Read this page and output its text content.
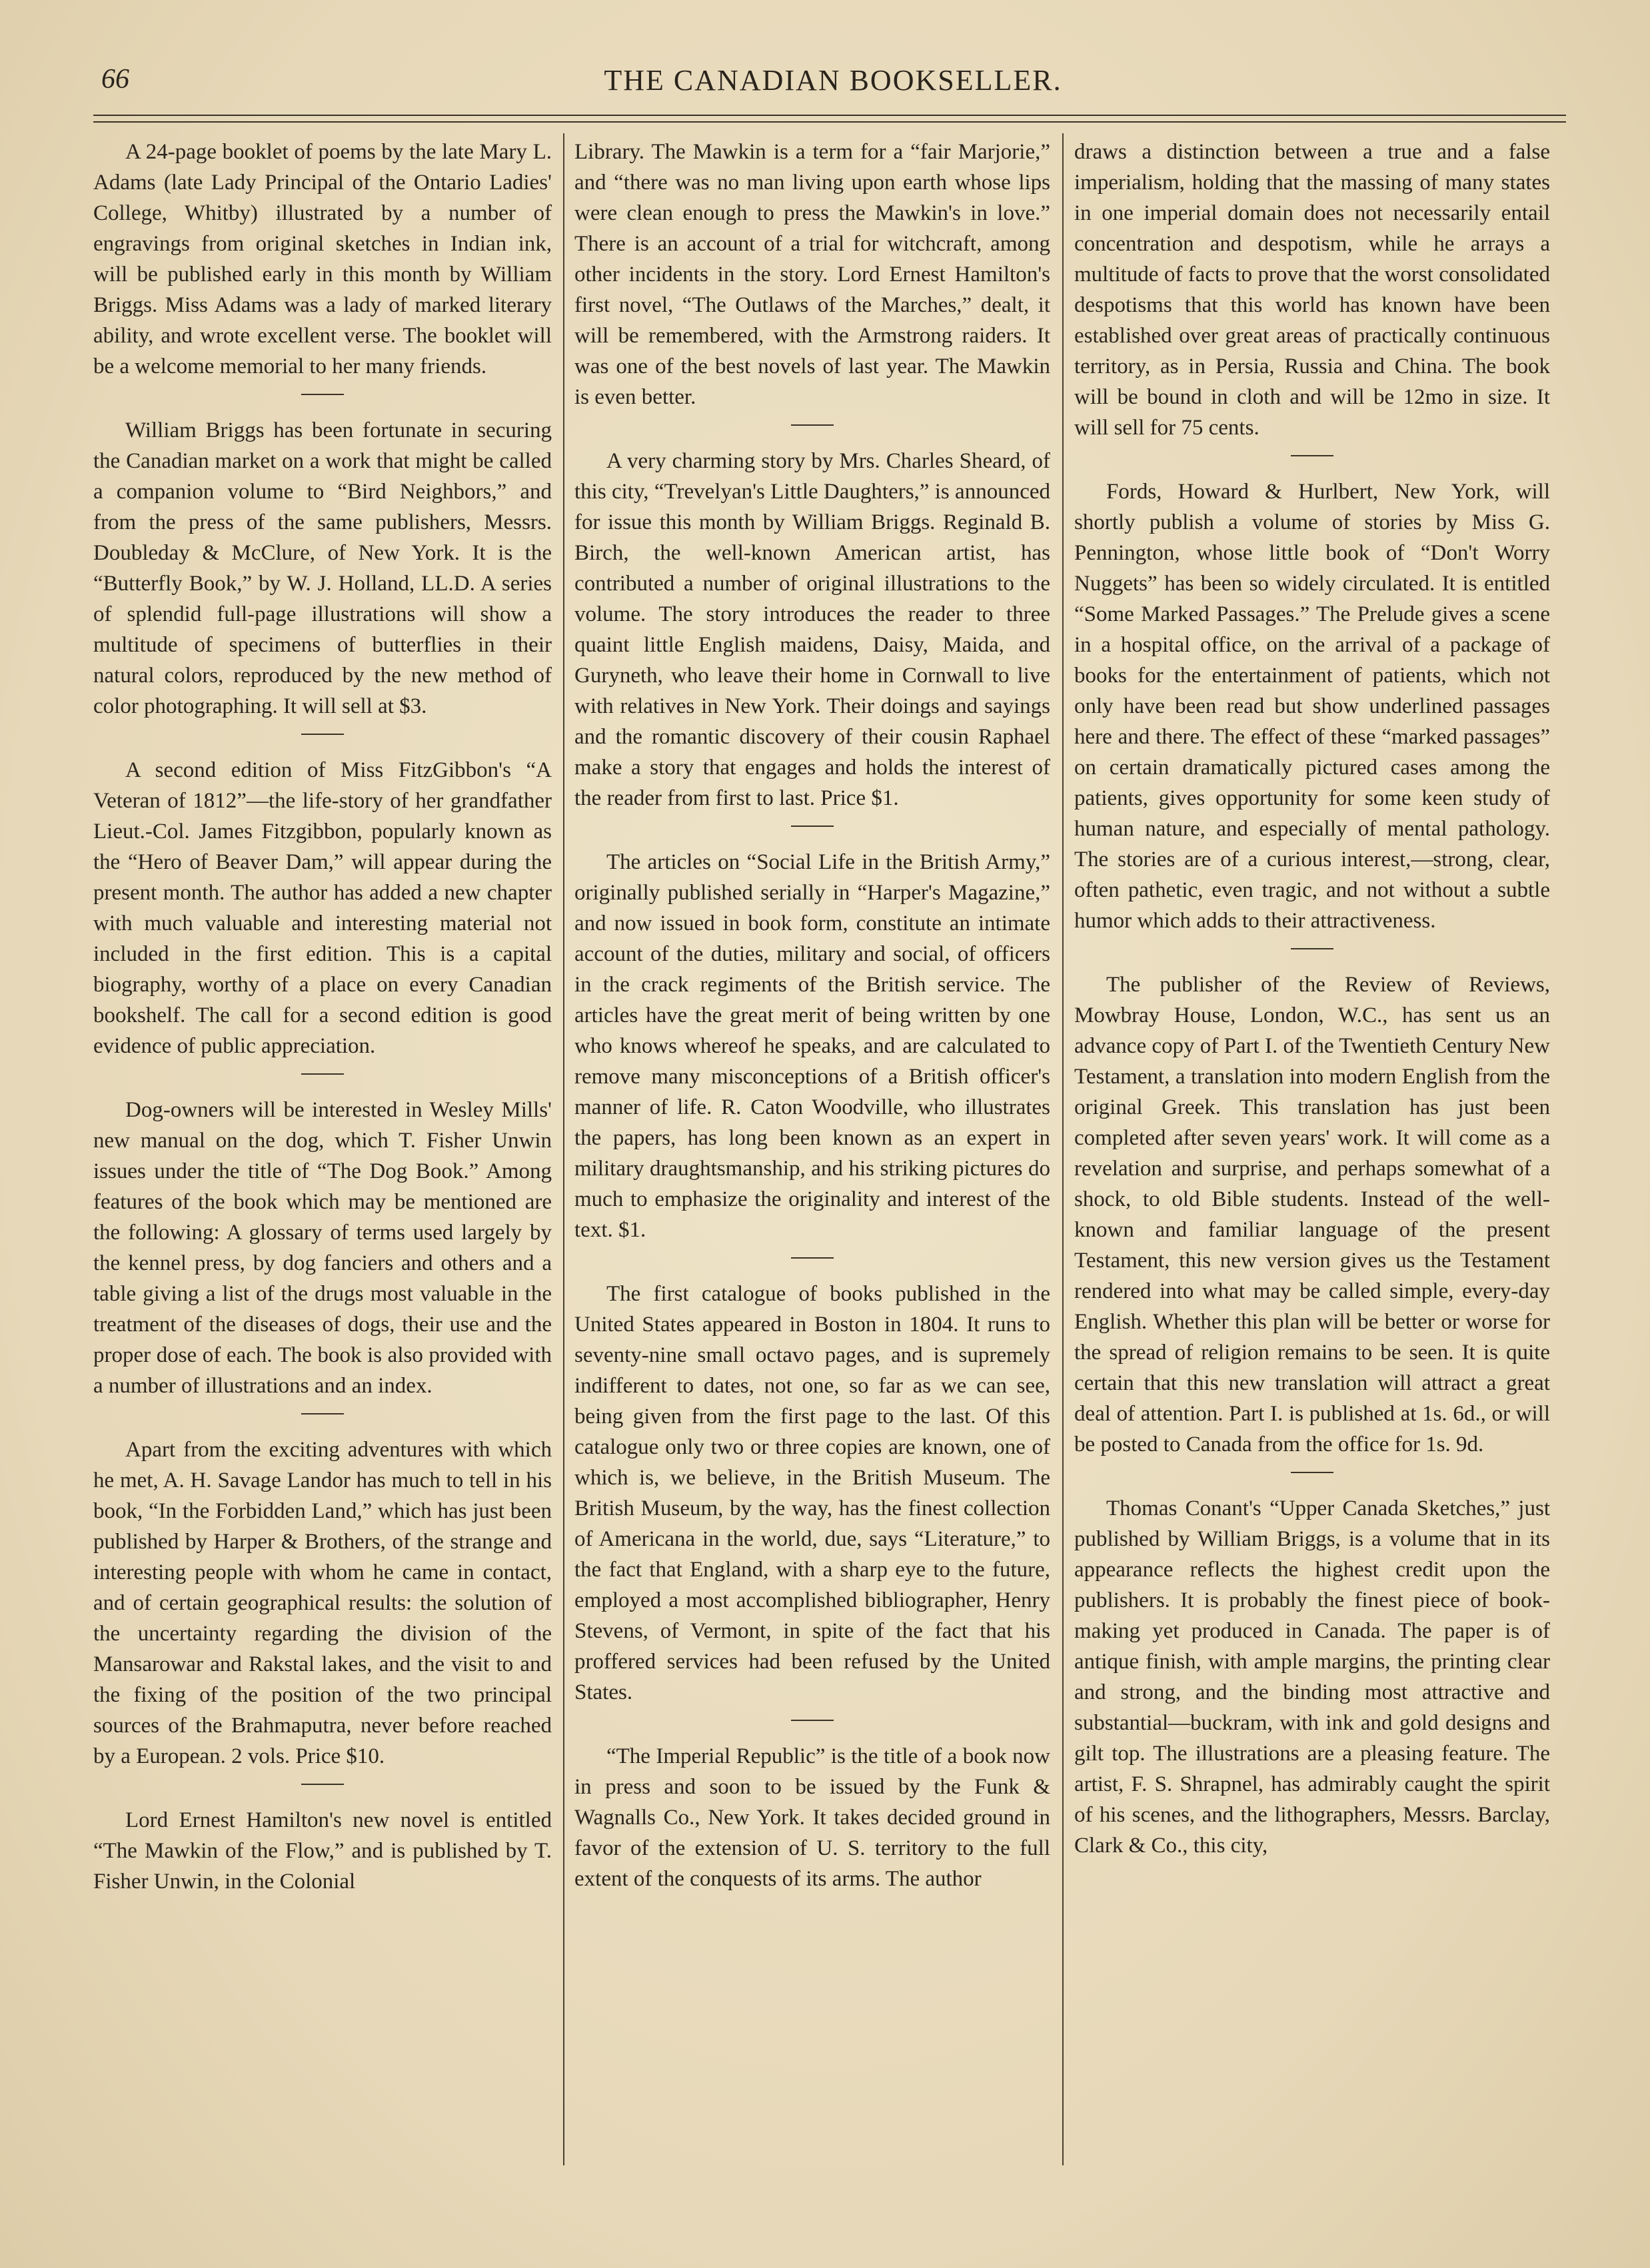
66	THE CANADIAN BOOKSELLER.

A 24-page booklet of poems by the late Mary L. Adams (late Lady Principal of the Ontario Ladies' College, Whitby) illustrated by a number of engravings from original sketches in Indian ink, will be published early in this month by William Briggs. Miss Adams was a lady of marked literary ability, and wrote excellent verse. The booklet will be a welcome memorial to her many friends.

William Briggs has been fortunate in securing the Canadian market on a work that might be called a companion volume to “Bird Neighbors,” and from the press of the same publishers, Messrs. Doubleday & McClure, of New York. It is the “Butterfly Book,” by W. J. Holland, LL.D. A series of splendid full-page illustrations will show a multitude of specimens of butterflies in their natural colors, reproduced by the new method of color photographing. It will sell at $3.

A second edition of Miss FitzGibbon's “A Veteran of 1812”—the life-story of her grandfather Lieut.-Col. James Fitzgibbon, popularly known as the “Hero of Beaver Dam,” will appear during the present month. The author has added a new chapter with much valuable and interesting material not included in the first edition. This is a capital biography, worthy of a place on every Canadian bookshelf. The call for a second edition is good evidence of public appreciation.

Dog-owners will be interested in Wesley Mills' new manual on the dog, which T. Fisher Unwin issues under the title of “The Dog Book.” Among features of the book which may be mentioned are the following: A glossary of terms used largely by the kennel press, by dog fanciers and others and a table giving a list of the drugs most valuable in the treatment of the diseases of dogs, their use and the proper dose of each. The book is also provided with a number of illustrations and an index.

Apart from the exciting adventures with which he met, A. H. Savage Landor has much to tell in his book, “In the Forbidden Land,” which has just been published by Harper & Brothers, of the strange and interesting people with whom he came in contact, and of certain geographical results: the solution of the uncertainty regarding the division of the Mansarowar and Rakstal lakes, and the visit to and the fixing of the position of the two principal sources of the Brahmaputra, never before reached by a European. 2 vols. Price $10.

Lord Ernest Hamilton's new novel is entitled “The Mawkin of the Flow,” and is published by T. Fisher Unwin, in the Colonial

Library. The Mawkin is a term for a “fair Marjorie,” and “there was no man living upon earth whose lips were clean enough to press the Mawkin's in love.” There is an account of a trial for witchcraft, among other incidents in the story. Lord Ernest Hamilton's first novel, “The Outlaws of the Marches,” dealt, it will be remembered, with the Armstrong raiders. It was one of the best novels of last year. The Mawkin is even better.

A very charming story by Mrs. Charles Sheard, of this city, “Trevelyan's Little Daughters,” is announced for issue this month by William Briggs. Reginald B. Birch, the well-known American artist, has contributed a number of original illustrations to the volume. The story introduces the reader to three quaint little English maidens, Daisy, Maida, and Guryneth, who leave their home in Cornwall to live with relatives in New York. Their doings and sayings and the romantic discovery of their cousin Raphael make a story that engages and holds the interest of the reader from first to last. Price $1.

The articles on “Social Life in the British Army,” originally published serially in “Harper's Magazine,” and now issued in book form, constitute an intimate account of the duties, military and social, of officers in the crack regiments of the British service. The articles have the great merit of being written by one who knows whereof he speaks, and are calculated to remove many misconceptions of a British officer's manner of life. R. Caton Woodville, who illustrates the papers, has long been known as an expert in military draughtsmanship, and his striking pictures do much to emphasize the originality and interest of the text. $1.

The first catalogue of books published in the United States appeared in Boston in 1804. It runs to seventy-nine small octavo pages, and is supremely indifferent to dates, not one, so far as we can see, being given from the first page to the last. Of this catalogue only two or three copies are known, one of which is, we believe, in the British Museum. The British Museum, by the way, has the finest collection of Americana in the world, due, says “Literature,” to the fact that England, with a sharp eye to the future, employed a most accomplished bibliographer, Henry Stevens, of Vermont, in spite of the fact that his proffered services had been refused by the United States.

“The Imperial Republic” is the title of a book now in press and soon to be issued by the Funk & Wagnalls Co., New York. It takes decided ground in favor of the extension of U. S. territory to the full extent of the conquests of its arms. The author

draws a distinction between a true and a false imperialism, holding that the massing of many states in one imperial domain does not necessarily entail concentration and despotism, while he arrays a multitude of facts to prove that the worst consolidated despotisms that this world has known have been established over great areas of practically continuous territory, as in Persia, Russia and China. The book will be bound in cloth and will be 12mo in size. It will sell for 75 cents.

Fords, Howard & Hurlbert, New York, will shortly publish a volume of stories by Miss G. Pennington, whose little book of “Don't Worry Nuggets” has been so widely circulated. It is entitled “Some Marked Passages.” The Prelude gives a scene in a hospital office, on the arrival of a package of books for the entertainment of patients, which not only have been read but show underlined passages here and there. The effect of these “marked passages” on certain dramatically pictured cases among the patients, gives opportunity for some keen study of human nature, and especially of mental pathology. The stories are of a curious interest,—strong, clear, often pathetic, even tragic, and not without a subtle humor which adds to their attractiveness.

The publisher of the Review of Reviews, Mowbray House, London, W.C., has sent us an advance copy of Part I. of the Twentieth Century New Testament, a translation into modern English from the original Greek. This translation has just been completed after seven years' work. It will come as a revelation and surprise, and perhaps somewhat of a shock, to old Bible students. Instead of the well-known and familiar language of the present Testament, this new version gives us the Testament rendered into what may be called simple, every-day English. Whether this plan will be better or worse for the spread of religion remains to be seen. It is quite certain that this new translation will attract a great deal of attention. Part I. is published at 1s. 6d., or will be posted to Canada from the office for 1s. 9d.

Thomas Conant's “Upper Canada Sketches,” just published by William Briggs, is a volume that in its appearance reflects the highest credit upon the publishers. It is probably the finest piece of book-making yet produced in Canada. The paper is of antique finish, with ample margins, the printing clear and strong, and the binding most attractive and substantial—buckram, with ink and gold designs and gilt top. The illustrations are a pleasing feature. The artist, F. S. Shrapnel, has admirably caught the spirit of his scenes, and the lithographers, Messrs. Barclay, Clark & Co., this city,
